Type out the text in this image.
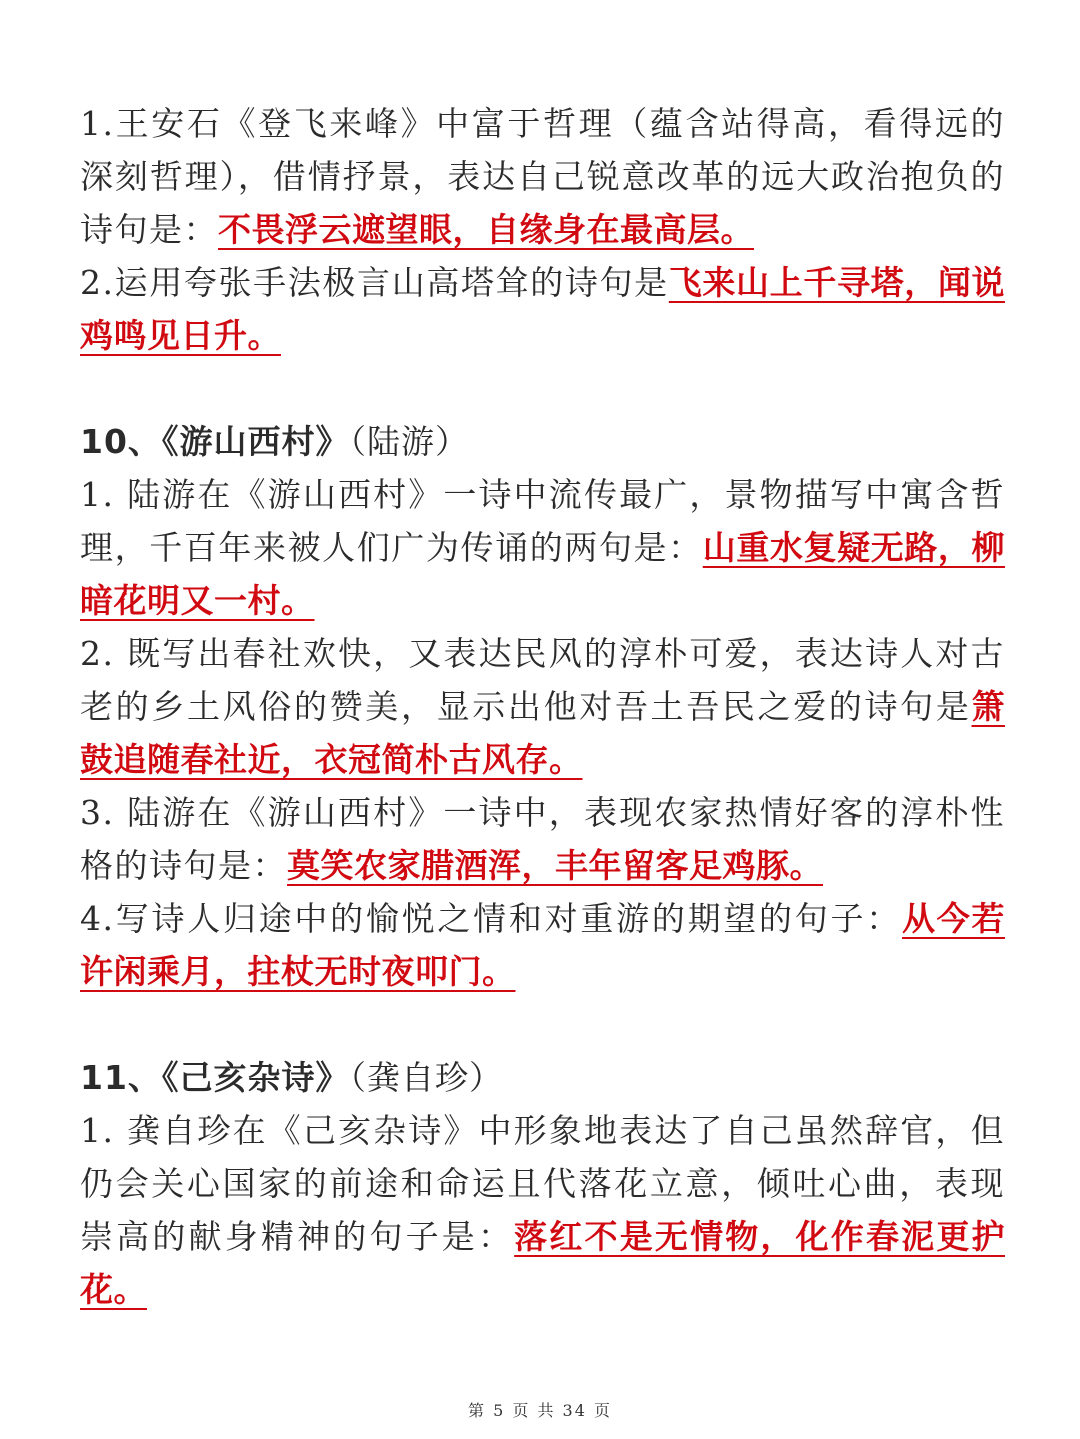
1.王安石《登飞来峰》中富于哲理（蕴含站得高，看得远的深刻哲理），借情抒景，表达自己锐意改革的远大政治抱负的诗句是：不畏浮云遮望眼，自缘身在最高层。

2.运用夸张手法极言山高塔耸的诗句是飞来山上千寻塔，闻说鸡鸣见日升。

10、《游山西村》（陆游）

1. 陆游在《游山西村》一诗中流传最广，景物描写中寓含哲理，千百年来被人们广为传诵的两句是：山重水复疑无路，柳暗花明又一村。

2. 既写出春社欢快，又表达民风的淳朴可爱，表达诗人对古老的乡土风俗的赞美，显示出他对吾土吾民之爱的诗句是箫鼓追随春社近，衣冠简朴古风存。

3. 陆游在《游山西村》一诗中，表现农家热情好客的淳朴性格的诗句是：莫笑农家腊酒浑，丰年留客足鸡豚。

4.写诗人归途中的愉悦之情和对重游的期望的句子：从今若许闲乘月，拄杖无时夜叩门。

11、《己亥杂诗》（龚自珍）

1. 龚自珍在《己亥杂诗》中形象地表达了自己虽然辞官，但仍会关心国家的前途和命运且代落花立意，倾吐心曲，表现崇高的献身精神的句子是：落红不是无情物，化作春泥更护花。

第 5 页 共 34 页
